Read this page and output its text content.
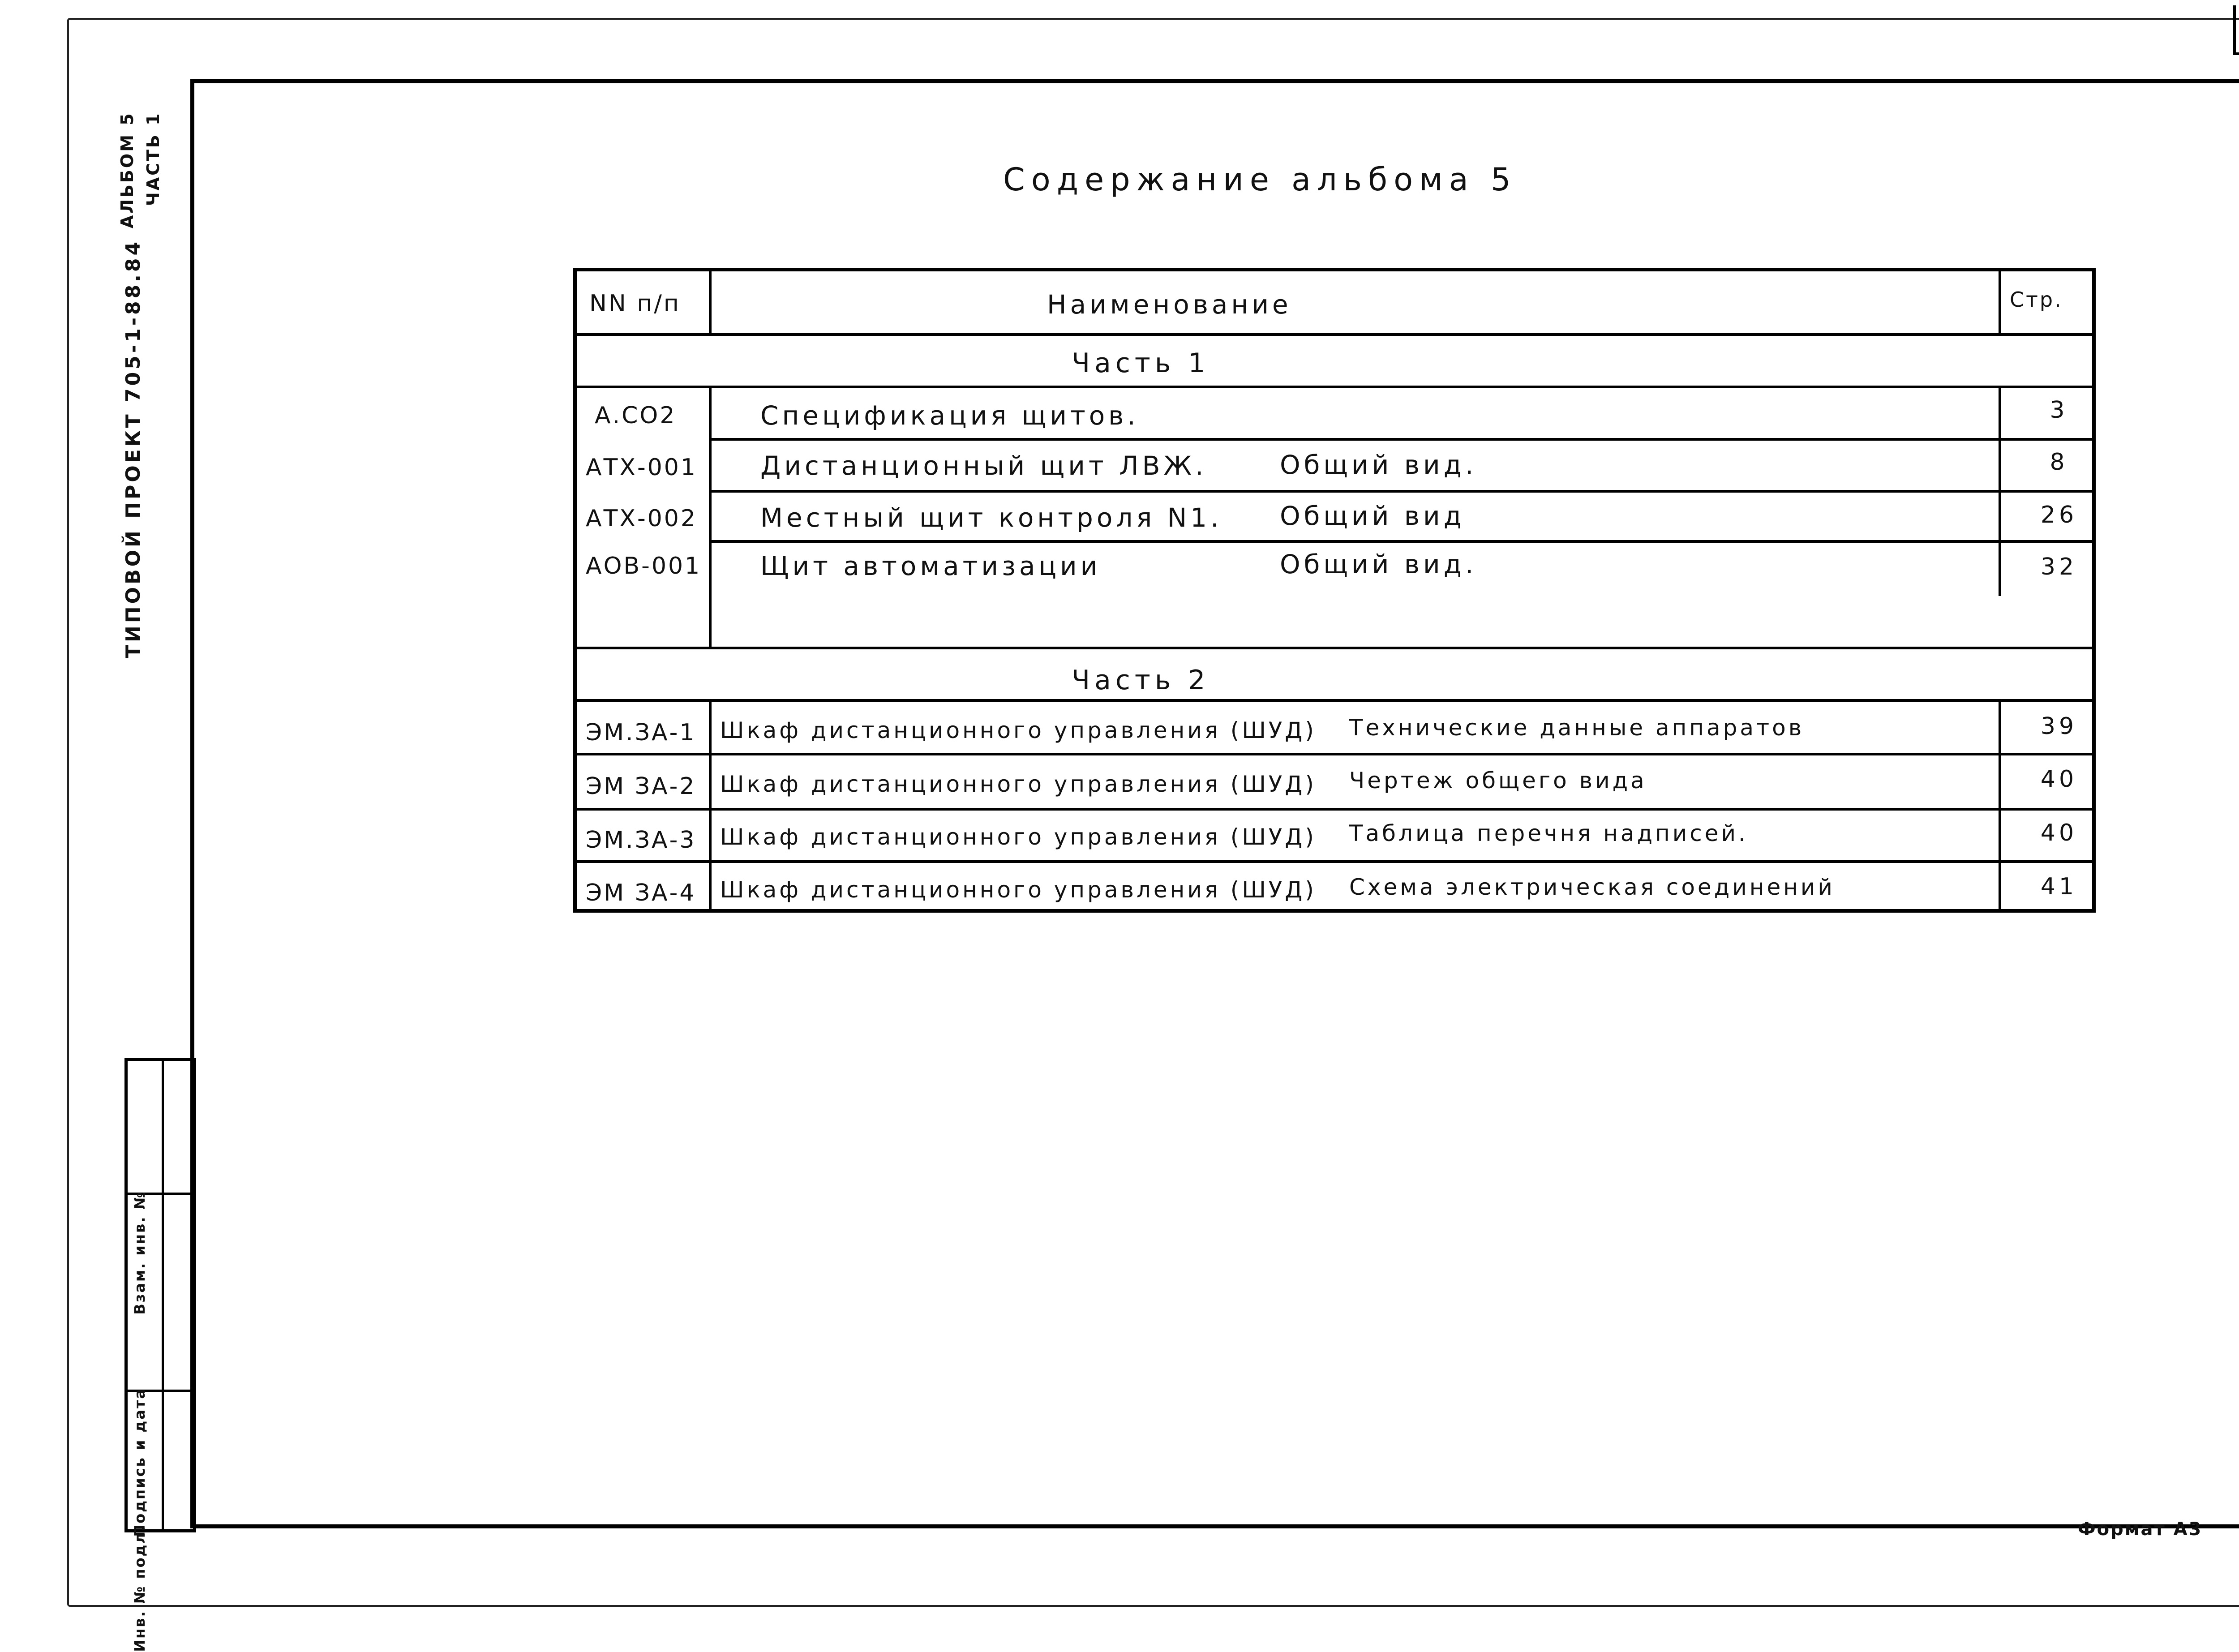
Содержание альбома 5
АЛЬБОМ 5 ЧАСТЬ 1
ТИПОВОЙ ПРОЕКТ 705-1-88.84
Взам. инв. №
Подпись и дата
Инв. № подл.
NN п/п	Наименование	Стр.
Часть 1
А.СО2	Спецификация щитов.	3
АТХ-001 Дистанционный щит ЛВЖ.	Общий вид.	8
АТХ-002 Местный щит контроля N1. Общий вид	26
АОВ-001 Щит автоматизации	Общий вид.	32
Часть 2
ЭМ.ЗА-1 Шкаф дистанционного управления (ШУД) Технические данные аппаратов	39
ЭМ ЗА-2 Шкаф дистанционного управления (ШУД) Чертеж общего вида	40
ЭМ.ЗА-3 Шкаф дистанционного управления (ШУД) Таблица перечня надписей.	40
ЭМ ЗА-4 Шкаф дистанционного управления (ШУД) Схема электрическая соединений	41
Формат А3
